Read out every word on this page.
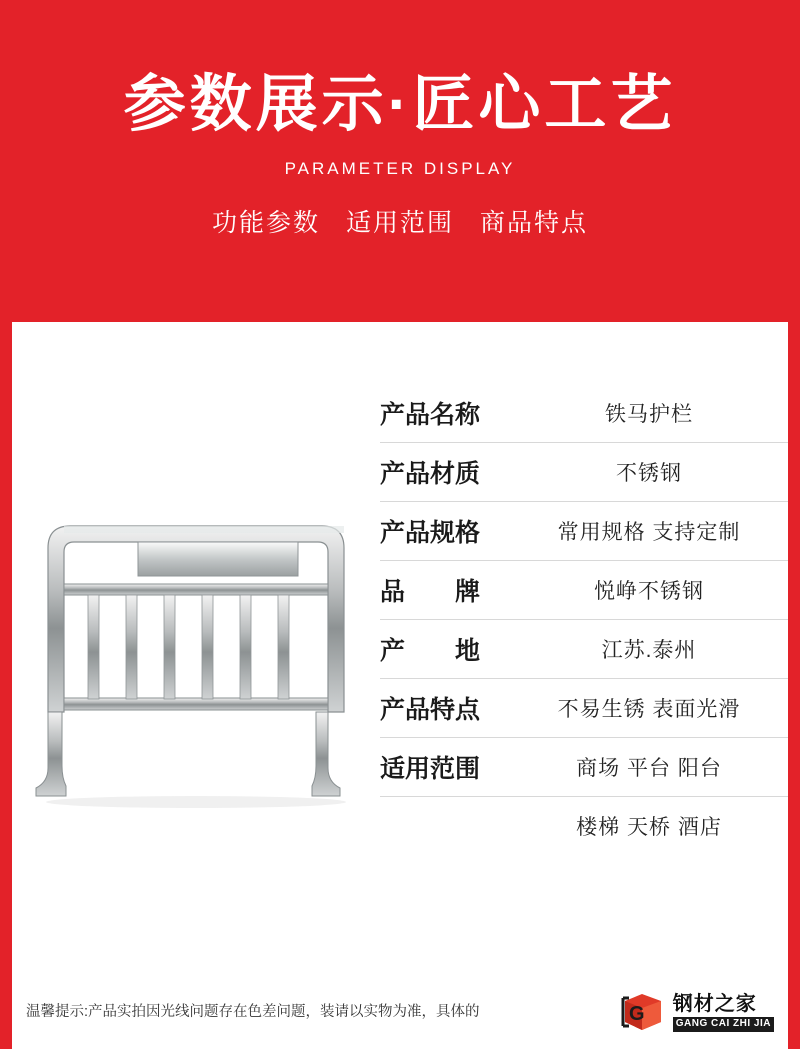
参数展示·匠心工艺
PARAMETER DISPLAY
功能参数 适用范围 商品特点
产品名称	铁马护栏
产品材质	不锈钢
产品规格	常用规格 支持定制
品　　牌	悦峥不锈钢
产　　地	江苏.泰州
产品特点	不易生锈 表面光滑
适用范围	商场 平台 阳台
楼梯 天桥 酒店
温馨提示:产品实拍因光线问题存在色差问题，装请以实物为准，具体的	G 钢材之家
GANG CAI ZHI JIA
